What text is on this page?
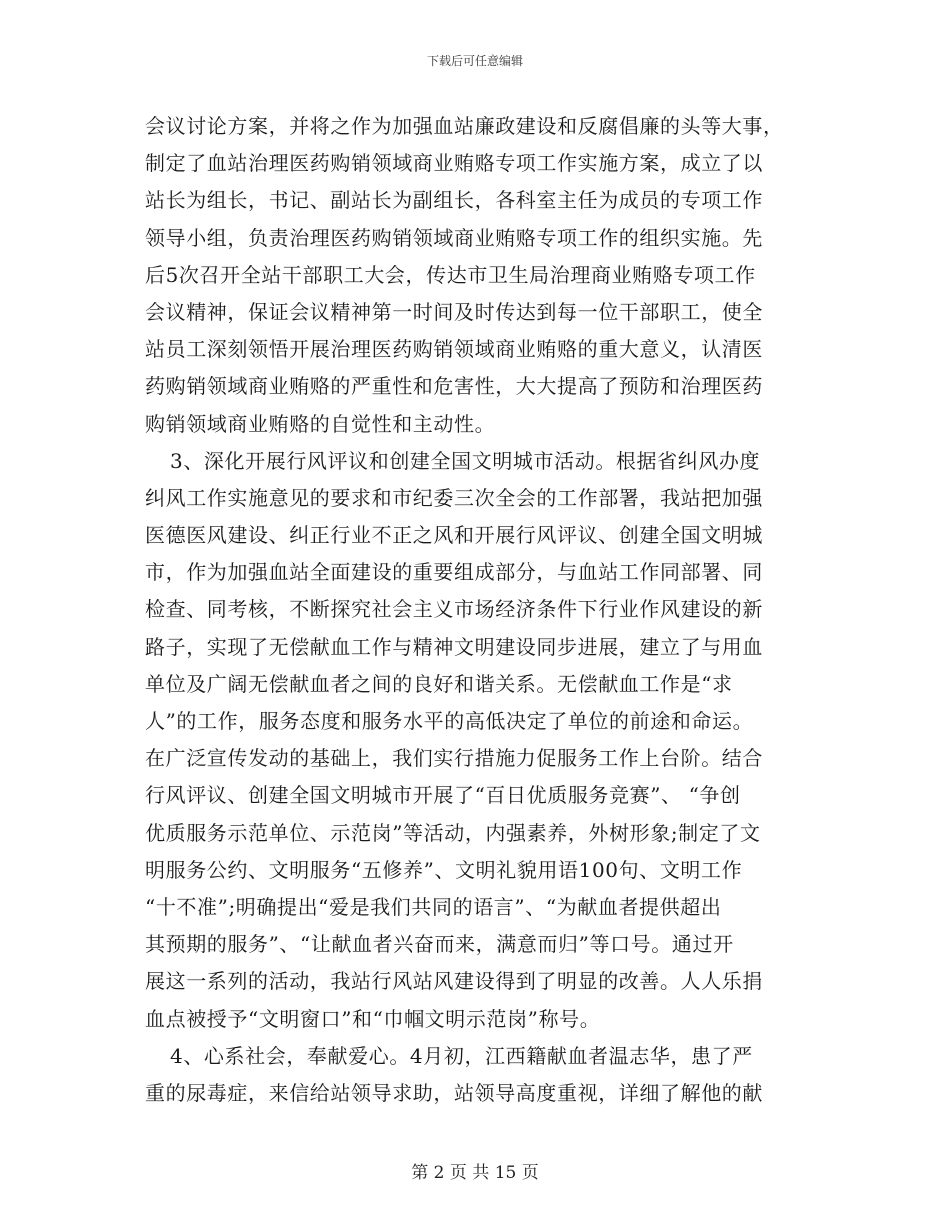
下载后可任意编辑

会议讨论方案，并将之作为加强血站廉政建设和反腐倡廉的头等大事，
制定了血站治理医药购销领域商业贿赂专项工作实施方案，成立了以
站长为组长，书记、副站长为副组长，各科室主任为成员的专项工作
领导小组，负责治理医药购销领域商业贿赂专项工作的组织实施。先
后5次召开全站干部职工大会，传达市卫生局治理商业贿赂专项工作
会议精神，保证会议精神第一时间及时传达到每一位干部职工，使全
站员工深刻领悟开展治理医药购销领域商业贿赂的重大意义，认清医
药购销领域商业贿赂的严重性和危害性，大大提高了预防和治理医药
购销领域商业贿赂的自觉性和主动性。

3、深化开展行风评议和创建全国文明城市活动。根据省纠风办度
纠风工作实施意见的要求和市纪委三次全会的工作部署，我站把加强
医德医风建设、纠正行业不正之风和开展行风评议、创建全国文明城
市，作为加强血站全面建设的重要组成部分，与血站工作同部署、同
检查、同考核，不断探究社会主义市场经济条件下行业作风建设的新
路子，实现了无偿献血工作与精神文明建设同步进展，建立了与用血
单位及广阔无偿献血者之间的良好和谐关系。无偿献血工作是“求
人”的工作，服务态度和服务水平的高低决定了单位的前途和命运。
在广泛宣传发动的基础上，我们实行措施力促服务工作上台阶。结合
行风评议、创建全国文明城市开展了“百日优质服务竞赛”、 “争创
优质服务示范单位、示范岗”等活动，内强素养，外树形象;制定了文
明服务公约、文明服务“五修养”、文明礼貌用语100句、文明工作
“十不准”;明确提出“爱是我们共同的语言”、“为献血者提供超出
其预期的服务”、“让献血者兴奋而来，满意而归”等口号。通过开
展这一系列的活动，我站行风站风建设得到了明显的改善。人人乐捐
血点被授予“文明窗口”和“巾帼文明示范岗”称号。

4、心系社会，奉献爱心。4月初，江西籍献血者温志华，患了严
重的尿毒症，来信给站领导求助，站领导高度重视，详细了解他的献

第 2 页 共 15 页
